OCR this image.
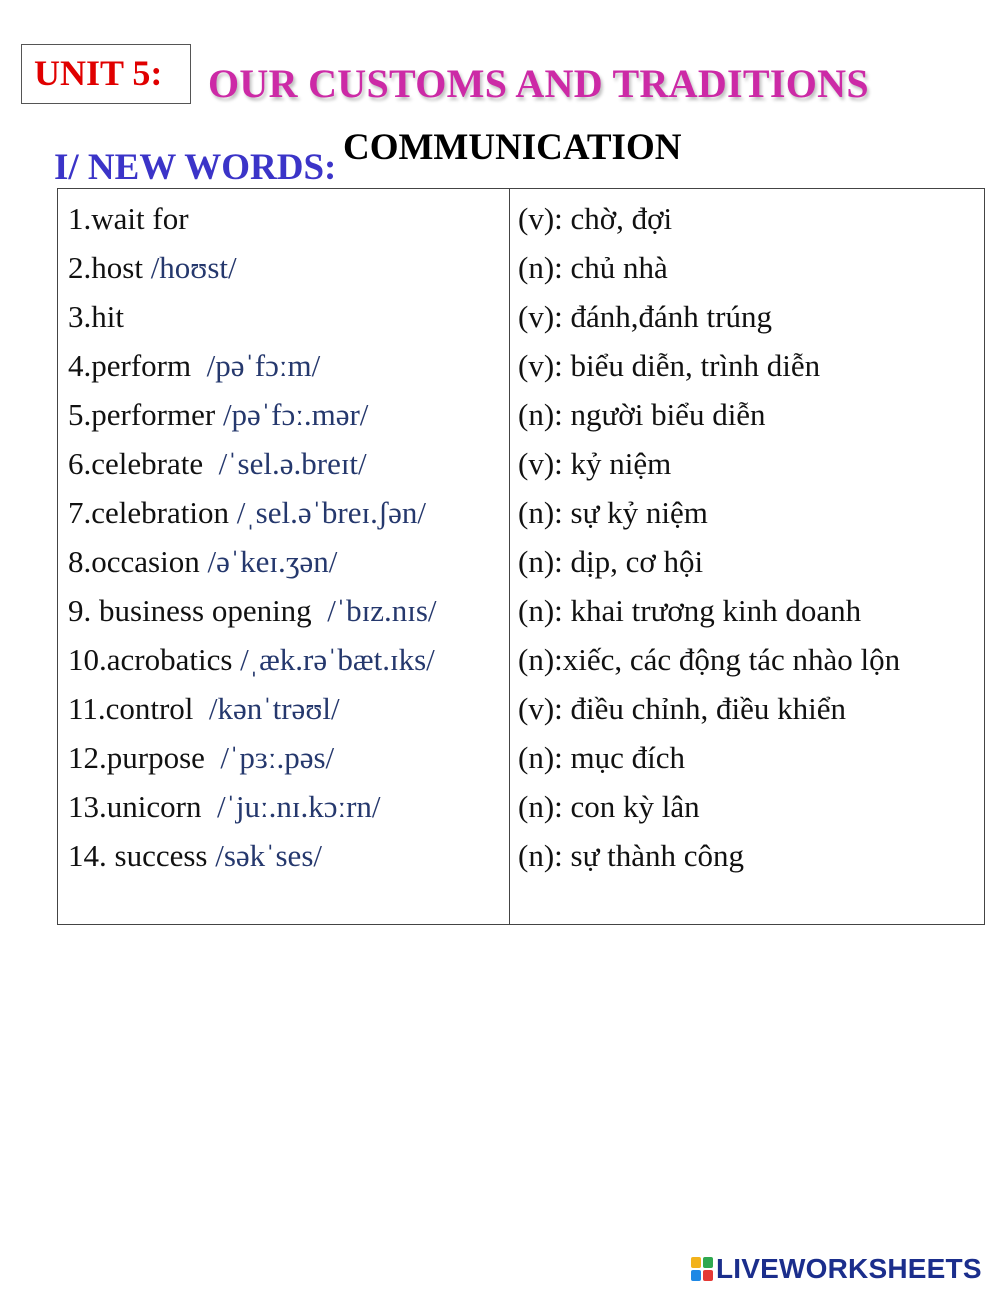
UNIT 5:	OUR CUSTOMS AND TRADITIONS
COMMUNICATION
I/ NEW WORDS:
1.wait for
2.host /hoʊst/
3.hit
4.perform  /pəˈfɔːm/
5.performer /pəˈfɔː.mər/
6.celebrate  /ˈsel.ə.breɪt/
7.celebration /ˌsel.əˈbreɪ.ʃən/
8.occasion /əˈkeɪ.ʒən/
9. business opening  /ˈbɪz.nɪs/
10.acrobatics /ˌæk.rəˈbæt.ɪks/
11.control  /kənˈtrəʊl/
12.purpose  /ˈpɜː.pəs/
13.unicorn  /ˈjuː.nɪ.kɔːrn/
14. success /səkˈses/
(v): chờ, đợi
(n): chủ nhà
(v): đánh,đánh trúng
(v): biểu diễn, trình diễn
(n): người biểu diễn
(v): kỷ niệm
(n): sự kỷ niệm
(n): dịp, cơ hội
(n): khai trương kinh doanh
(n):xiếc, các động tác nhào lộn
(v): điều chỉnh, điều khiển
(n): mục đích
(n): con kỳ lân
(n): sự thành công
LIVEWORKSHEETS
